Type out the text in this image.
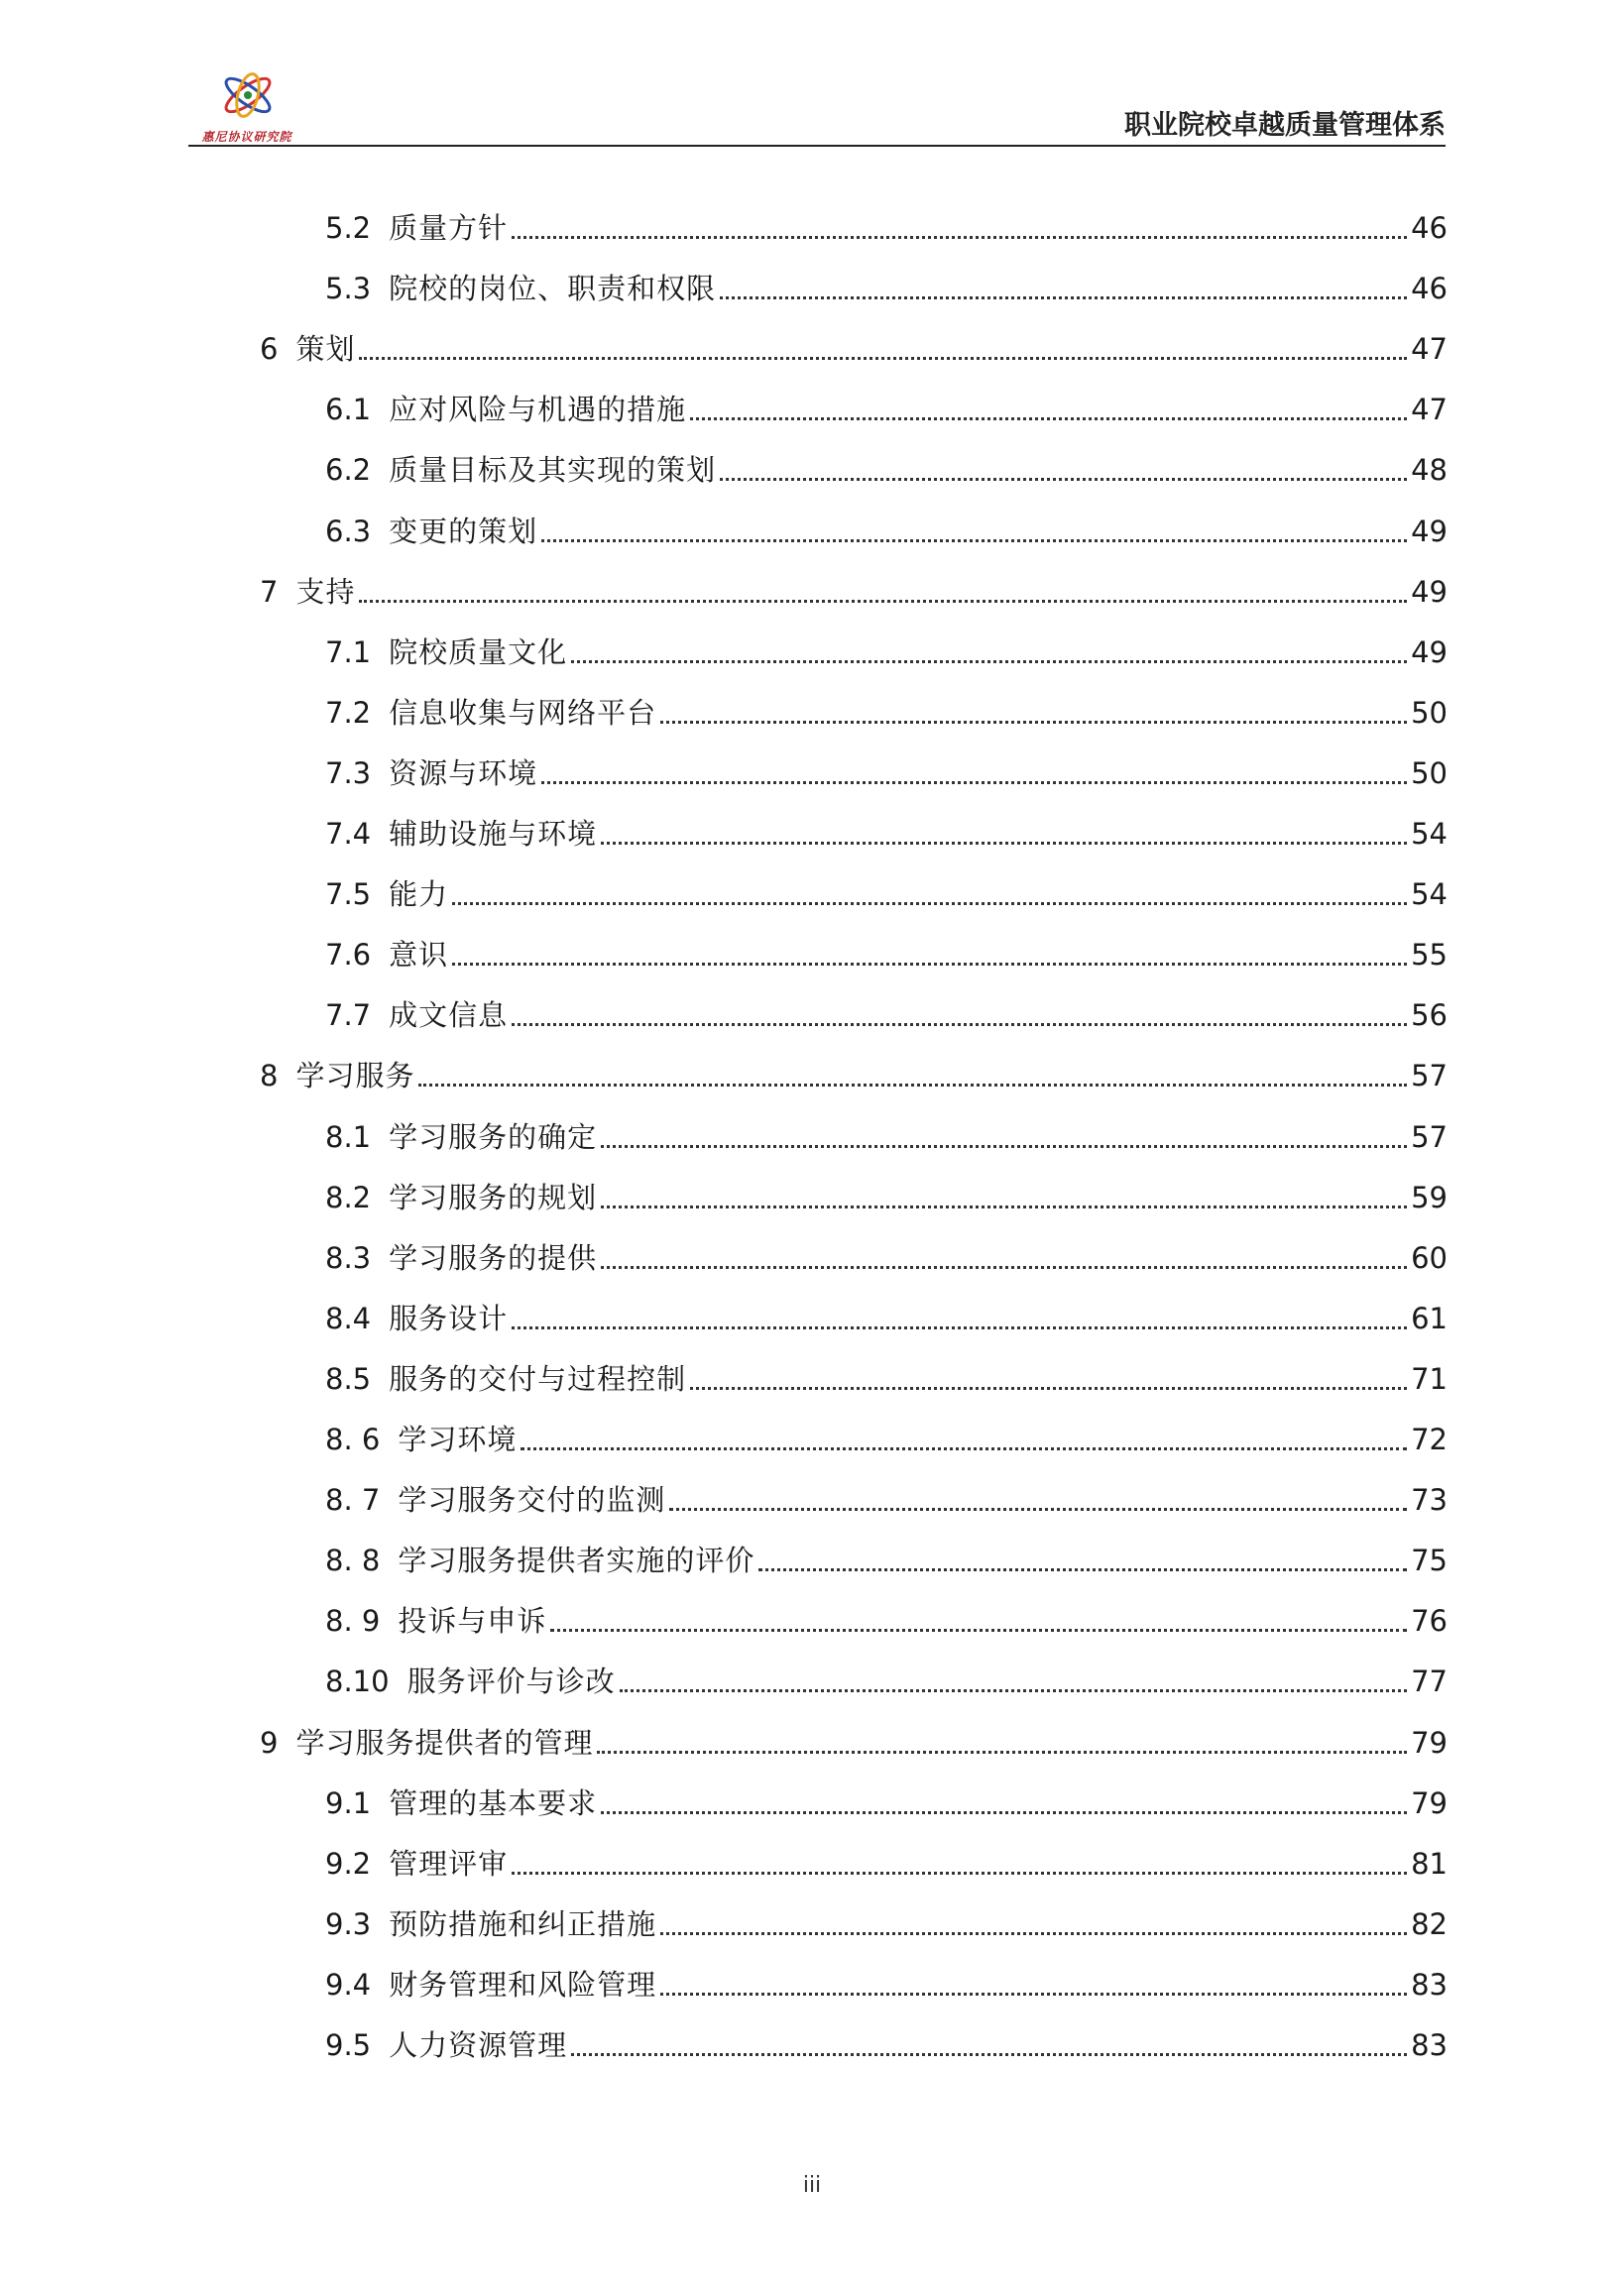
惠尼协议研究院	职业院校卓越质量管理体系
5.2 质量方针	46
5.3 院校的岗位、职责和权限	46
6 策划	47
6.1 应对风险与机遇的措施	47
6.2 质量目标及其实现的策划	48
6.3 变更的策划	49
7 支持	49
7.1 院校质量文化	49
7.2 信息收集与网络平台	50
7.3 资源与环境	50
7.4 辅助设施与环境	54
7.5 能力	54
7.6 意识	55
7.7 成文信息	56
8 学习服务	57
8.1 学习服务的确定	57
8.2 学习服务的规划	59
8.3 学习服务的提供	60
8.4 服务设计	61
8.5 服务的交付与过程控制	71
8. 6 学习环境	72
8. 7 学习服务交付的监测	73
8. 8 学习服务提供者实施的评价	75
8. 9 投诉与申诉	76
8.10 服务评价与诊改	77
9 学习服务提供者的管理	79
9.1 管理的基本要求	79
9.2 管理评审	81
9.3 预防措施和纠正措施	82
9.4 财务管理和风险管理	83
9.5 人力资源管理	83
iii
